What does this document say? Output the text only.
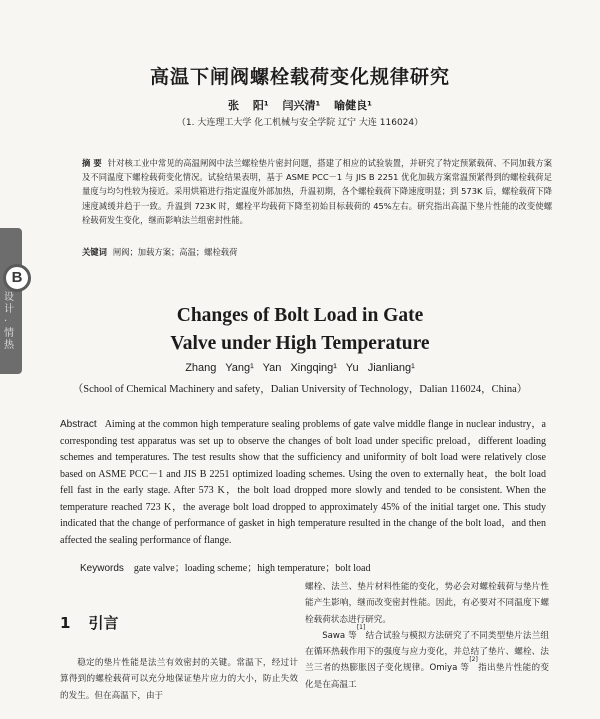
高温下闸阀螺栓载荷变化规律研究
张 阳¹ 闫兴清¹ 喻健良¹
（1. 大连理工大学 化工机械与安全学院 辽宁 大连 116024）
摘 要 针对核工业中常见的高温闸阀中法兰螺栓垫片密封问题，搭建了相应的试验装置，并研究了特定预紧载荷、不同加载方案及不同温度下螺栓载荷变化情况。试验结果表明，基于 ASME PCC－1 与 JIS B 2251 优化加载方案常温预紧得到的螺栓载荷足量度与均匀性较为接近。采用烘箱进行指定温度外部加热，升温初期，各个螺栓载荷下降速度明显；到 573K 后，螺栓载荷下降速度减缓并趋于一致。升温到 723K 时，螺栓平均载荷下降至初始目标载荷的 45%左右。研究指出高温下垫片性能的改变使螺栓载荷发生变化，继而影响法兰组密封性能。
关键词 闸阀；加载方案；高温；螺栓载荷
B
设计 · 情热
Changes of Bolt Load in Gate
Valve under High Temperature
Zhang Yang¹ Yan Xingqing¹ Yu Jianliang¹
（School of Chemical Machinery and safety，Dalian University of Technology，Dalian 116024，China）
Abstract Aiming at the common high temperature sealing problems of gate valve middle flange in nuclear industry，a corresponding test apparatus was set up to observe the changes of bolt load under specific preload，different loading schemes and temperatures. The test results show that the sufficiency and uniformity of bolt load were relatively close based on ASME PCC－1 and JIS B 2251 optimized loading schemes. Using the oven to externally heat，the bolt load fell fast in the early stage. After 573 K，the bolt load dropped more slowly and tended to be consistent. When the temperature reached 723 K，the average bolt load dropped to approximately 45% of the initial target one. This study indicated that the change of performance of gasket in high temperature resulted in the change of the bolt load，and then affected the sealing performance of flange.
Keywords gate valve；loading scheme；high temperature；bolt load
1 引言
稳定的垫片性能是法兰有效密封的关键。常温下，经过计算得到的螺栓载荷可以充分地保证垫片应力的大小，防止失效的发生。但在高温下，由于

螺栓、法兰、垫片材料性能的变化，势必会对螺栓载荷与垫片性能产生影响，继而改变密封性能。因此，有必要对不同温度下螺栓载荷状态进行研究。

Sawa 等[1]结合试验与模拟方法研究了不同类型垫片法兰组在循环热载作用下的强度与应力变化，并总结了垫片、螺栓、法兰三者的热膨胀因子变化规律。Omiya 等[2]指出垫片性能的变化是在高温工
